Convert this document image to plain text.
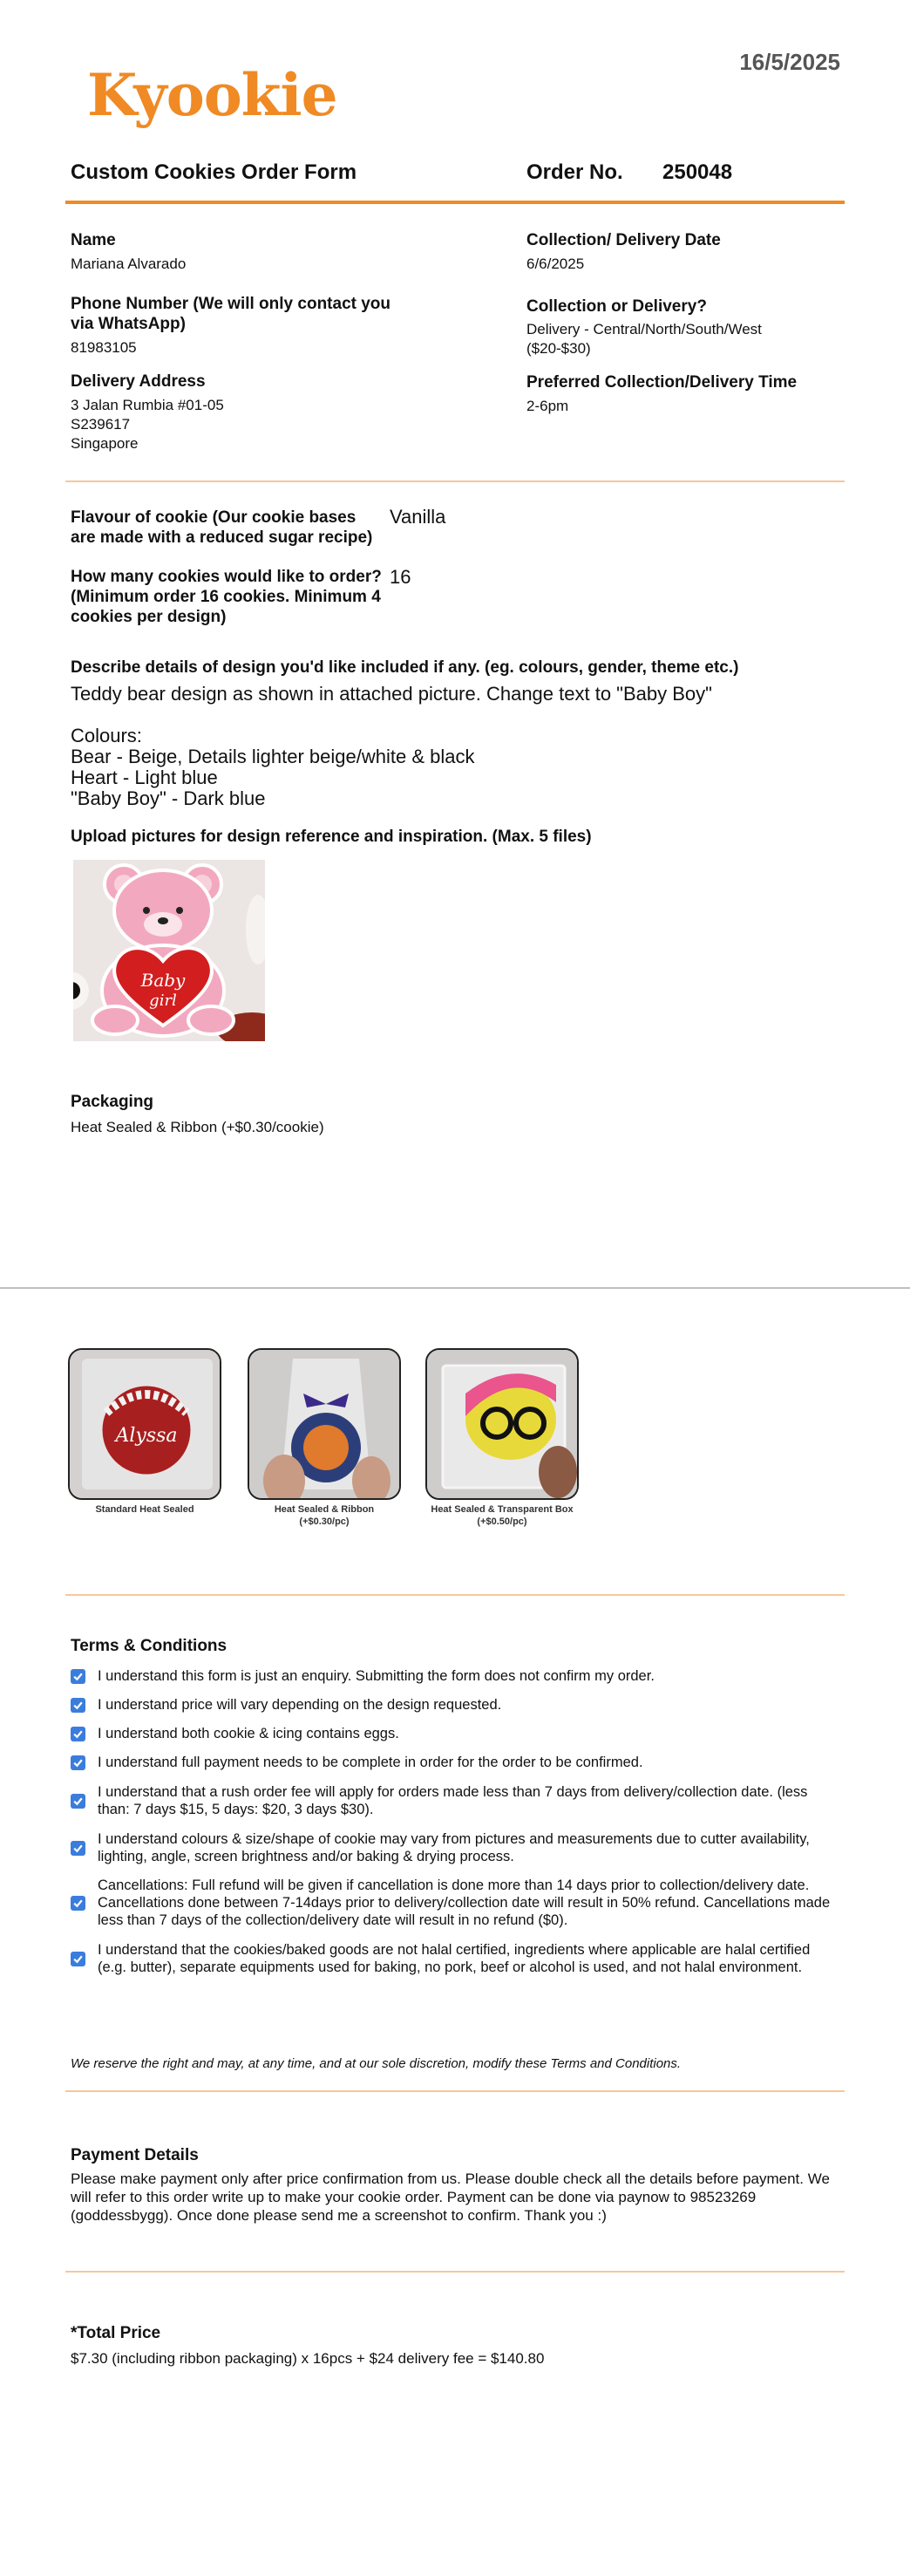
Kyookie	16/5/2025
Custom Cookies Order Form	Order No. 250048
Name
Mariana Alvarado
Phone Number (We will only contact you via WhatsApp)
81983105
Delivery Address
3 Jalan Rumbia #01-05
S239617
Singapore
Collection/ Delivery Date
6/6/2025
Collection or Delivery?
Delivery - Central/North/South/West
($20-$30)
Preferred Collection/Delivery Time
2-6pm
Flavour of cookie (Our cookie bases are made with a reduced sugar recipe)
Vanilla
How many cookies would like to order? (Minimum order 16 cookies. Minimum 4 cookies per design)
16
Describe details of design you'd like included if any. (eg. colours, gender, theme etc.)
Teddy bear design as shown in attached picture. Change text to "Baby Boy"
Colours:
Bear - Beige, Details lighter beige/white & black
Heart - Light blue
"Baby Boy" - Dark blue
Upload pictures for design reference and inspiration. (Max. 5 files)
Baby
girl
Packaging
Heat Sealed & Ribbon (+$0.30/cookie)
Alyssa
Standard Heat Sealed	Heat Sealed & Ribbon
(+$0.30/pc)
Heat Sealed & Transparent Box
(+$0.50/pc)
Terms & Conditions
I understand this form is just an enquiry. Submitting the form does not confirm my order.
I understand price will vary depending on the design requested.
I understand both cookie & icing contains eggs.
I understand full payment needs to be complete in order for the order to be confirmed.
I understand that a rush order fee will apply for orders made less than 7 days from delivery/collection date. (less than: 7 days $15, 5 days: $20, 3 days $30).
I understand colours & size/shape of cookie may vary from pictures and measurements due to cutter availability, lighting, angle, screen brightness and/or baking & drying process.
Cancellations: Full refund will be given if cancellation is done more than 14 days prior to collection/delivery date. Cancellations done between 7-14days prior to delivery/collection date will result in 50% refund. Cancellations made less than 7 days of the collection/delivery date will result in no refund ($0).
I understand that the cookies/baked goods are not halal certified, ingredients where applicable are halal certified (e.g. butter), separate equipments used for baking, no pork, beef or alcohol is used, and not halal environment.
We reserve the right and may, at any time, and at our sole discretion, modify these Terms and Conditions.
Payment Details
Please make payment only after price confirmation from us. Please double check all the details before payment. We will refer to this order write up to make your cookie order. Payment can be done via paynow to 98523269 (goddessbygg). Once done please send me a screenshot to confirm. Thank you :)
*Total Price
$7.30 (including ribbon packaging) x 16pcs + $24 delivery fee = $140.80
